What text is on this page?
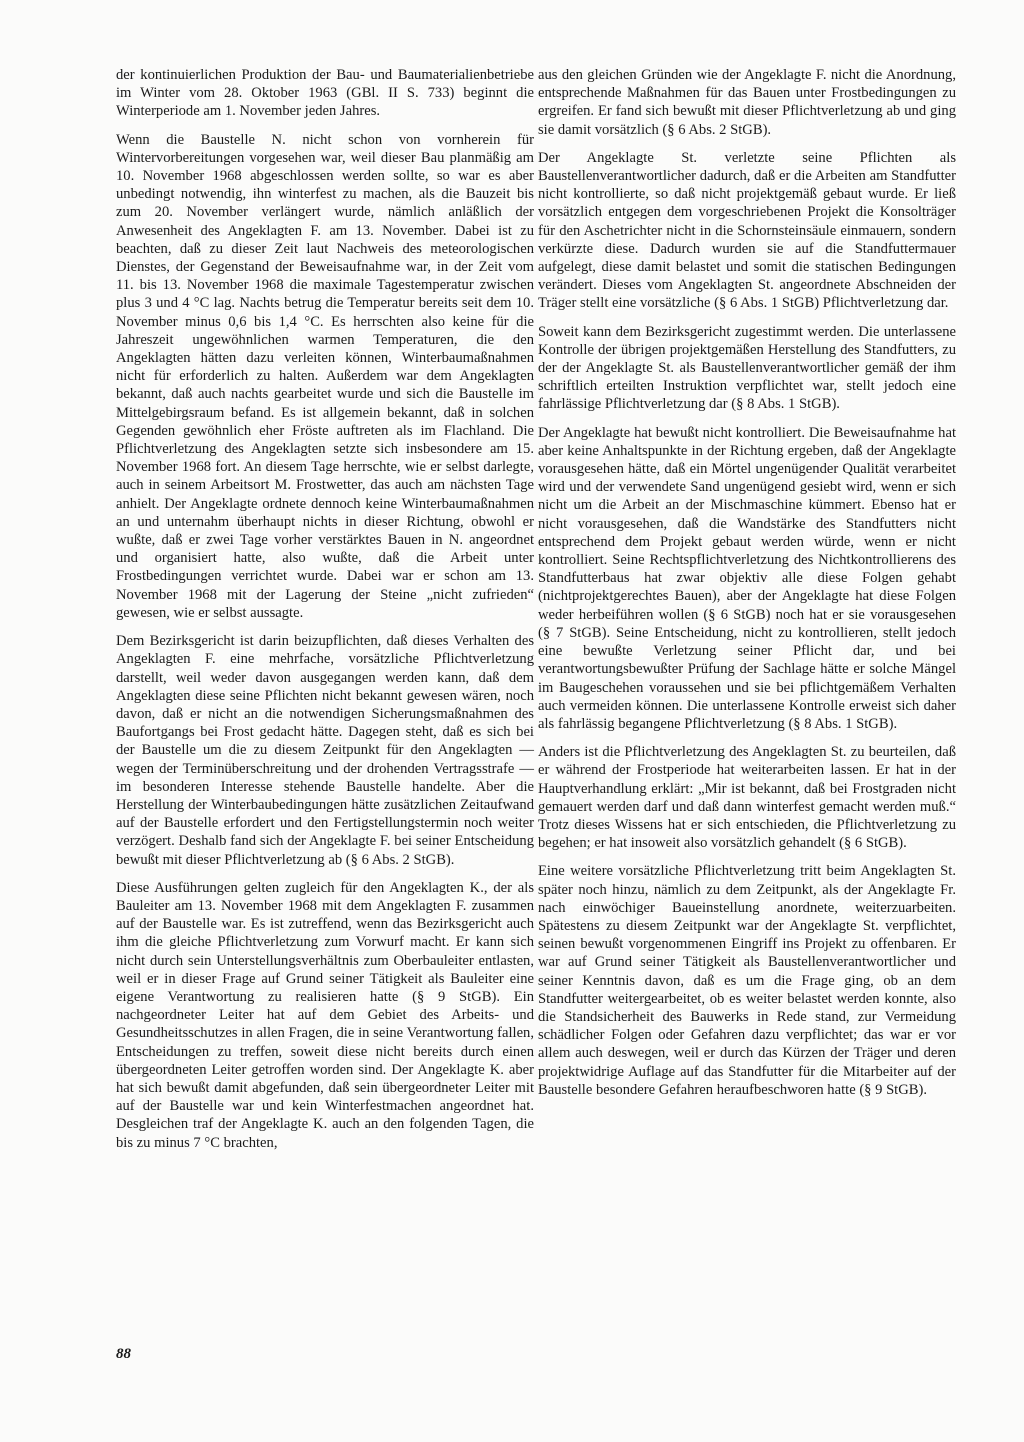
der kontinuierlichen Produktion der Bau- und Baumaterialienbetriebe im Winter vom 28. Oktober 1963 (GBl. II S. 733) beginnt die Winterperiode am 1. November jeden Jahres.

Wenn die Baustelle N. nicht schon von vornherein für Wintervorbereitungen vorgesehen war, weil dieser Bau planmäßig am 10. November 1968 abgeschlossen werden sollte, so war es aber unbedingt notwendig, ihn winterfest zu machen, als die Bauzeit bis zum 20. November verlängert wurde, nämlich anläßlich der Anwesenheit des Angeklagten F. am 13. November. Dabei ist zu beachten, daß zu dieser Zeit laut Nachweis des meteorologischen Dienstes, der Gegenstand der Beweisaufnahme war, in der Zeit vom 11. bis 13. November 1968 die maximale Tagestemperatur zwischen plus 3 und 4 °C lag. Nachts betrug die Temperatur bereits seit dem 10. November minus 0,6 bis 1,4 °C. Es herrschten also keine für die Jahreszeit ungewöhnlichen warmen Temperaturen, die den Angeklagten hätten dazu verleiten können, Winterbaumaßnahmen nicht für erforderlich zu halten. Außerdem war dem Angeklagten bekannt, daß auch nachts gearbeitet wurde und sich die Baustelle im Mittelgebirgsraum befand. Es ist allgemein bekannt, daß in solchen Gegenden gewöhnlich eher Fröste auftreten als im Flachland. Die Pflichtverletzung des Angeklagten setzte sich insbesondere am 15. November 1968 fort. An diesem Tage herrschte, wie er selbst darlegte, auch in seinem Arbeitsort M. Frostwetter, das auch am nächsten Tage anhielt. Der Angeklagte ordnete dennoch keine Winterbaumaßnahmen an und unternahm überhaupt nichts in dieser Richtung, obwohl er wußte, daß er zwei Tage vorher verstärktes Bauen in N. angeordnet und organisiert hatte, also wußte, daß die Arbeit unter Frostbedingungen verrichtet wurde. Dabei war er schon am 13. November 1968 mit der Lagerung der Steine „nicht zufrieden“ gewesen, wie er selbst aussagte.

Dem Bezirksgericht ist darin beizupflichten, daß dieses Verhalten des Angeklagten F. eine mehrfache, vorsätzliche Pflichtverletzung darstellt, weil weder davon ausgegangen werden kann, daß dem Angeklagten diese seine Pflichten nicht bekannt gewesen wären, noch davon, daß er nicht an die notwendigen Sicherungsmaßnahmen des Baufortgangs bei Frost gedacht hätte. Dagegen steht, daß es sich bei der Baustelle um die zu diesem Zeitpunkt für den Angeklagten — wegen der Terminüberschreitung und der drohenden Vertragsstrafe — im besonderen Interesse stehende Baustelle handelte. Aber die Herstellung der Winterbaubedingungen hätte zusätzlichen Zeitaufwand auf der Baustelle erfordert und den Fertigstellungstermin noch weiter verzögert. Deshalb fand sich der Angeklagte F. bei seiner Entscheidung bewußt mit dieser Pflichtverletzung ab (§ 6 Abs. 2 StGB).

Diese Ausführungen gelten zugleich für den Angeklagten K., der als Bauleiter am 13. November 1968 mit dem Angeklagten F. zusammen auf der Baustelle war. Es ist zutreffend, wenn das Bezirksgericht auch ihm die gleiche Pflichtverletzung zum Vorwurf macht. Er kann sich nicht durch sein Unterstellungsverhältnis zum Oberbauleiter entlasten, weil er in dieser Frage auf Grund seiner Tätigkeit als Bauleiter eine eigene Verantwortung zu realisieren hatte (§ 9 StGB). Ein nachgeordneter Leiter hat auf dem Gebiet des Arbeits- und Gesundheitsschutzes in allen Fragen, die in seine Verantwortung fallen, Entscheidungen zu treffen, soweit diese nicht bereits durch einen übergeordneten Leiter getroffen worden sind. Der Angeklagte K. aber hat sich bewußt damit abgefunden, daß sein übergeordneter Leiter mit auf der Baustelle war und kein Winterfestmachen angeordnet hat. Desgleichen traf der Angeklagte K. auch an den folgenden Tagen, die bis zu minus 7 °C brachten,

aus den gleichen Gründen wie der Angeklagte F. nicht die Anordnung, entsprechende Maßnahmen für das Bauen unter Frostbedingungen zu ergreifen. Er fand sich bewußt mit dieser Pflichtverletzung ab und ging sie damit vorsätzlich (§ 6 Abs. 2 StGB).

Der Angeklagte St. verletzte seine Pflichten als Baustellenverantwortlicher dadurch, daß er die Arbeiten am Standfutter nicht kontrollierte, so daß nicht projektgemäß gebaut wurde. Er ließ vorsätzlich entgegen dem vorgeschriebenen Projekt die Konsolträger für den Aschetrichter nicht in die Schornsteinsäule einmauern, sondern verkürzte diese. Dadurch wurden sie auf die Standfuttermauer aufgelegt, diese damit belastet und somit die statischen Bedingungen verändert. Dieses vom Angeklagten St. angeordnete Abschneiden der Träger stellt eine vorsätzliche (§ 6 Abs. 1 StGB) Pflichtverletzung dar.

Soweit kann dem Bezirksgericht zugestimmt werden. Die unterlassene Kontrolle der übrigen projektgemäßen Herstellung des Standfutters, zu der der Angeklagte St. als Baustellenverantwortlicher gemäß der ihm schriftlich erteilten Instruktion verpflichtet war, stellt jedoch eine fahrlässige Pflichtverletzung dar (§ 8 Abs. 1 StGB).

Der Angeklagte hat bewußt nicht kontrolliert. Die Beweisaufnahme hat aber keine Anhaltspunkte in der Richtung ergeben, daß der Angeklagte vorausgesehen hätte, daß ein Mörtel ungenügender Qualität verarbeitet wird und der verwendete Sand ungenügend gesiebt wird, wenn er sich nicht um die Arbeit an der Mischmaschine kümmert. Ebenso hat er nicht vorausgesehen, daß die Wandstärke des Standfutters nicht entsprechend dem Projekt gebaut werden würde, wenn er nicht kontrolliert. Seine Rechtspflichtverletzung des Nichtkontrollierens des Standfutterbaus hat zwar objektiv alle diese Folgen gehabt (nichtprojektgerechtes Bauen), aber der Angeklagte hat diese Folgen weder herbeiführen wollen (§ 6 StGB) noch hat er sie vorausgesehen (§ 7 StGB). Seine Entscheidung, nicht zu kontrollieren, stellt jedoch eine bewußte Verletzung seiner Pflicht dar, und bei verantwortungsbewußter Prüfung der Sachlage hätte er solche Mängel im Baugeschehen voraussehen und sie bei pflichtgemäßem Verhalten auch vermeiden können. Die unterlassene Kontrolle erweist sich daher als fahrlässig begangene Pflichtverletzung (§ 8 Abs. 1 StGB).

Anders ist die Pflichtverletzung des Angeklagten St. zu beurteilen, daß er während der Frostperiode hat weiterarbeiten lassen. Er hat in der Hauptverhandlung erklärt: „Mir ist bekannt, daß bei Frostgraden nicht gemauert werden darf und daß dann winterfest gemacht werden muß.“ Trotz dieses Wissens hat er sich entschieden, die Pflichtverletzung zu begehen; er hat insoweit also vorsätzlich gehandelt (§ 6 StGB).

Eine weitere vorsätzliche Pflichtverletzung tritt beim Angeklagten St. später noch hinzu, nämlich zu dem Zeitpunkt, als der Angeklagte Fr. nach einwöchiger Baueinstellung anordnete, weiterzuarbeiten. Spätestens zu diesem Zeitpunkt war der Angeklagte St. verpflichtet, seinen bewußt vorgenommenen Eingriff ins Projekt zu offenbaren. Er war auf Grund seiner Tätigkeit als Baustellenverantwortlicher und seiner Kenntnis davon, daß es um die Frage ging, ob an dem Standfutter weitergearbeitet, ob es weiter belastet werden konnte, also die Standsicherheit des Bauwerks in Rede stand, zur Vermeidung schädlicher Folgen oder Gefahren dazu verpflichtet; das war er vor allem auch deswegen, weil er durch das Kürzen der Träger und deren projektwidrige Auflage auf das Standfutter für die Mitarbeiter auf der Baustelle besondere Gefahren heraufbeschworen hatte (§ 9 StGB).

88
